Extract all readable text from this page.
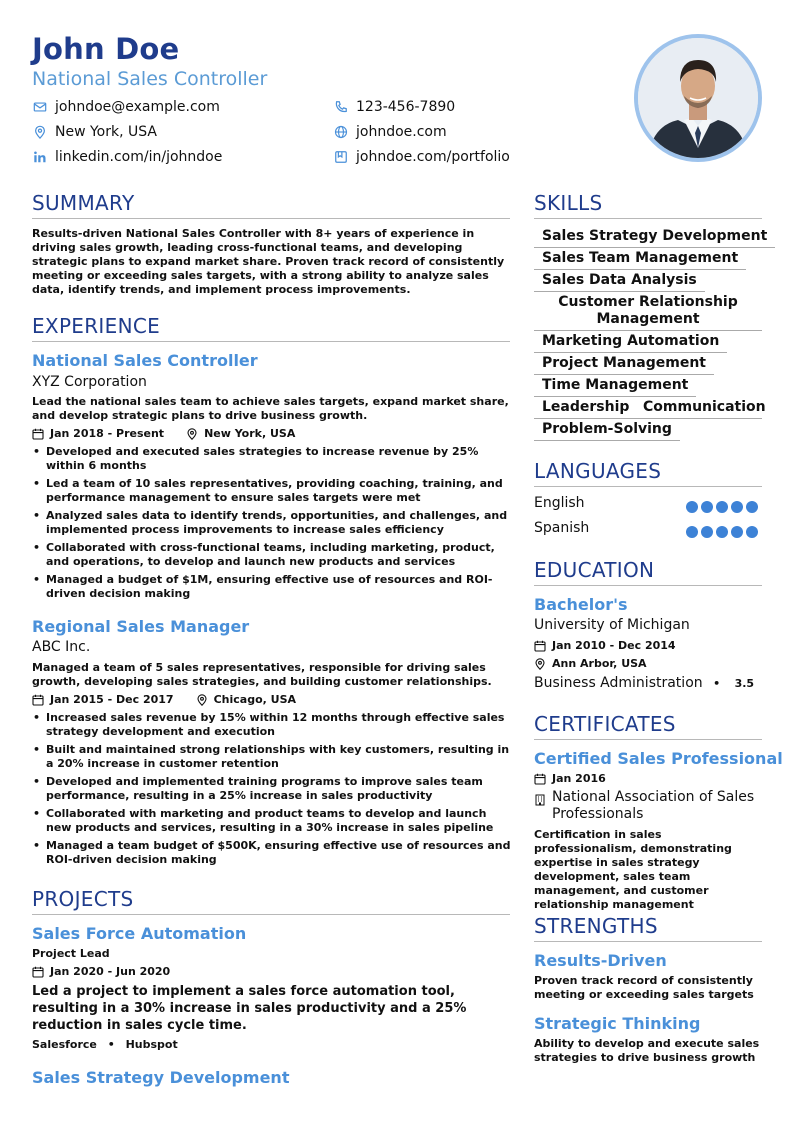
John Doe
National Sales Controller
johndoe@example.com	123-456-7890
New York, USA	johndoe.com
linkedin.com/in/johndoe	johndoe.com/portfolio
SUMMARY
Results-driven National Sales Controller with 8+ years of experience in driving sales growth, leading cross-functional teams, and developing strategic plans to expand market share. Proven track record of consistently meeting or exceeding sales targets, with a strong ability to analyze sales data, identify trends, and implement process improvements.
EXPERIENCE
National Sales Controller
XYZ Corporation
Lead the national sales team to achieve sales targets, expand market share, and develop strategic plans to drive business growth.
Jan 2018 - Present	New York, USA
• Developed and executed sales strategies to increase revenue by 25% within 6 months
• Led a team of 10 sales representatives, providing coaching, training, and performance management to ensure sales targets were met
• Analyzed sales data to identify trends, opportunities, and challenges, and implemented process improvements to increase sales efficiency
• Collaborated with cross-functional teams, including marketing, product, and operations, to develop and launch new products and services
• Managed a budget of $1M, ensuring effective use of resources and ROI-driven decision making
Regional Sales Manager
ABC Inc.
Managed a team of 5 sales representatives, responsible for driving sales growth, developing sales strategies, and building customer relationships.
Jan 2015 - Dec 2017	Chicago, USA
• Increased sales revenue by 15% within 12 months through effective sales strategy development and execution
• Built and maintained strong relationships with key customers, resulting in a 20% increase in customer retention
• Developed and implemented training programs to improve sales team performance, resulting in a 25% increase in sales productivity
• Collaborated with marketing and product teams to develop and launch new products and services, resulting in a 30% increase in sales pipeline
• Managed a team budget of $500K, ensuring effective use of resources and ROI-driven decision making
PROJECTS
Sales Force Automation
Project Lead
Jan 2020 - Jun 2020
Led a project to implement a sales force automation tool, resulting in a 30% increase in sales productivity and a 25% reduction in sales cycle time.
Salesforce • Hubspot
Sales Strategy Development
SKILLS
Sales Strategy Development
Sales Team Management
Sales Data Analysis
Customer Relationship Management
Marketing Automation
Project Management
Time Management
Leadership Communication
Problem-Solving
LANGUAGES
English
Spanish
EDUCATION
Bachelor's
University of Michigan
Jan 2010 - Dec 2014
Ann Arbor, USA
Business Administration • 3.5
CERTIFICATES
Certified Sales Professional
Jan 2016
National Association of Sales Professionals
Certification in sales professionalism, demonstrating expertise in sales strategy development, sales team management, and customer relationship management
STRENGTHS
Results-Driven
Proven track record of consistently meeting or exceeding sales targets
Strategic Thinking
Ability to develop and execute sales strategies to drive business growth
